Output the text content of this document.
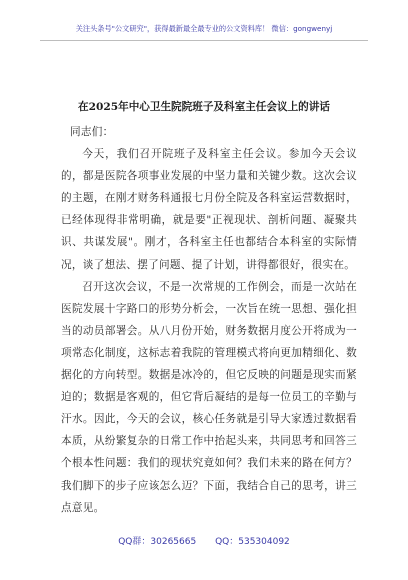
关注头条号"公文研究"，获得最新最全最专业的公文资料库！ 微信：gongwenyj
在2025年中心卫生院院班子及科室主任会议上的讲话
同志们：

今天，我们召开院班子及科室主任会议。参加今天会议的，都是医院各项事业发展的中坚力量和关键少数。这次会议的主题，在刚才财务科通报七月份全院及各科室运营数据时，已经体现得非常明确，就是要"正视现状、剖析问题、凝聚共识、共谋发展"。刚才，各科室主任也都结合本科室的实际情况，谈了想法、摆了问题、提了计划，讲得都很好，很实在。

召开这次会议，不是一次常规的工作例会，而是一次站在医院发展十字路口的形势分析会，一次旨在统一思想、强化担当的动员部署会。从八月份开始，财务数据月度公开将成为一项常态化制度，这标志着我院的管理模式将向更加精细化、数据化的方向转型。数据是冰冷的，但它反映的问题是现实而紧迫的；数据是客观的，但它背后凝结的是每一位员工的辛勤与汗水。因此，今天的会议，核心任务就是引导大家透过数据看本质，从纷繁复杂的日常工作中抬起头来，共同思考和回答三个根本性问题：我们的现状究竟如何？我们未来的路在何方？我们脚下的步子应该怎么迈？下面，我结合自己的思考，讲三点意见。

QQ群：30265665 QQ：535304092
